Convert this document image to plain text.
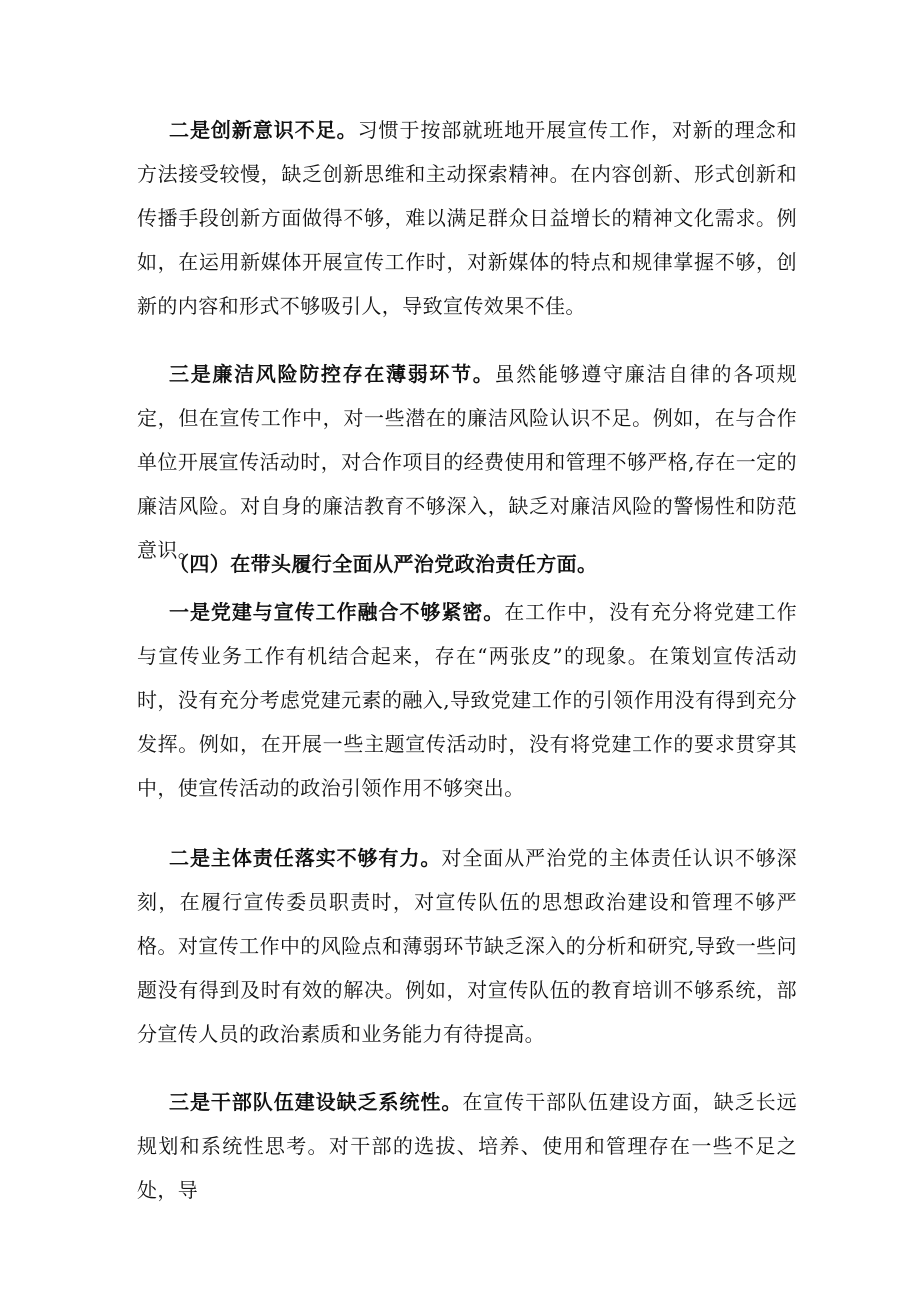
二是创新意识不足。习惯于按部就班地开展宣传工作，对新的理念和方法接受较慢，缺乏创新思维和主动探索精神。在内容创新、形式创新和传播手段创新方面做得不够，难以满足群众日益增长的精神文化需求。例如，在运用新媒体开展宣传工作时，对新媒体的特点和规律掌握不够，创新的内容和形式不够吸引人，导致宣传效果不佳。

三是廉洁风险防控存在薄弱环节。虽然能够遵守廉洁自律的各项规定，但在宣传工作中，对一些潜在的廉洁风险认识不足。例如，在与合作单位开展宣传活动时，对合作项目的经费使用和管理不够严格,存在一定的廉洁风险。对自身的廉洁教育不够深入，缺乏对廉洁风险的警惕性和防范意识。

（四）在带头履行全面从严治党政治责任方面。

一是党建与宣传工作融合不够紧密。在工作中，没有充分将党建工作与宣传业务工作有机结合起来，存在“两张皮”的现象。在策划宣传活动时，没有充分考虑党建元素的融入,导致党建工作的引领作用没有得到充分发挥。例如，在开展一些主题宣传活动时，没有将党建工作的要求贯穿其中，使宣传活动的政治引领作用不够突出。

二是主体责任落实不够有力。对全面从严治党的主体责任认识不够深刻，在履行宣传委员职责时，对宣传队伍的思想政治建设和管理不够严格。对宣传工作中的风险点和薄弱环节缺乏深入的分析和研究,导致一些问题没有得到及时有效的解决。例如，对宣传队伍的教育培训不够系统，部分宣传人员的政治素质和业务能力有待提高。

三是干部队伍建设缺乏系统性。在宣传干部队伍建设方面，缺乏长远规划和系统性思考。对干部的选拔、培养、使用和管理存在一些不足之处，导
